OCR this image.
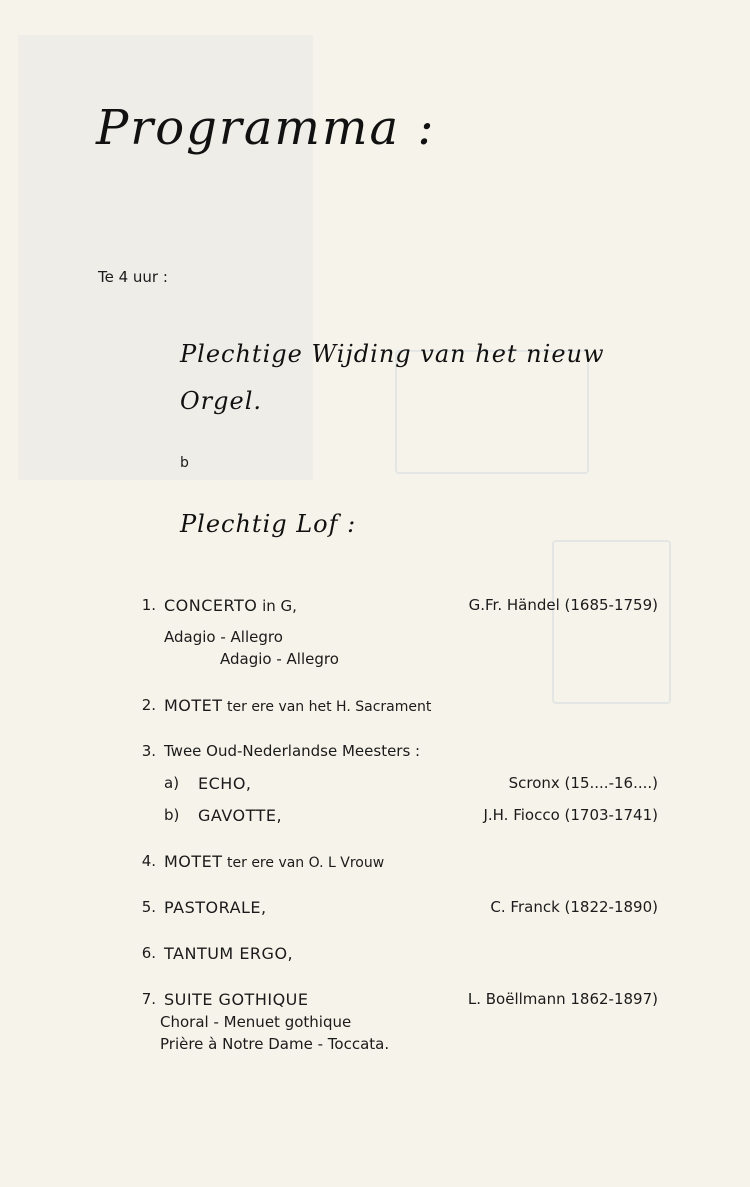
Programma :
Te 4 uur :
Plechtige Wijding van het nieuw
Orgel.
b
Plechtig Lof :
1. CONCERTO in G,	G.Fr. Händel (1685-1759)
Adagio - Allegro
Adagio - Allegro
2. MOTET ter ere van het H. Sacrament
3. Twee Oud-Nederlandse Meesters :
a) ECHO,	Scronx (15....-16....)
b) GAVOTTE,	J.H. Fiocco (1703-1741)
4. MOTET ter ere van O. L Vrouw
5. PASTORALE,	C. Franck (1822-1890)
6. TANTUM ERGO,
7. SUITE GOTHIQUE	L. Boëllmann 1862-1897)
Choral - Menuet gothique
Prière à Notre Dame - Toccata.
